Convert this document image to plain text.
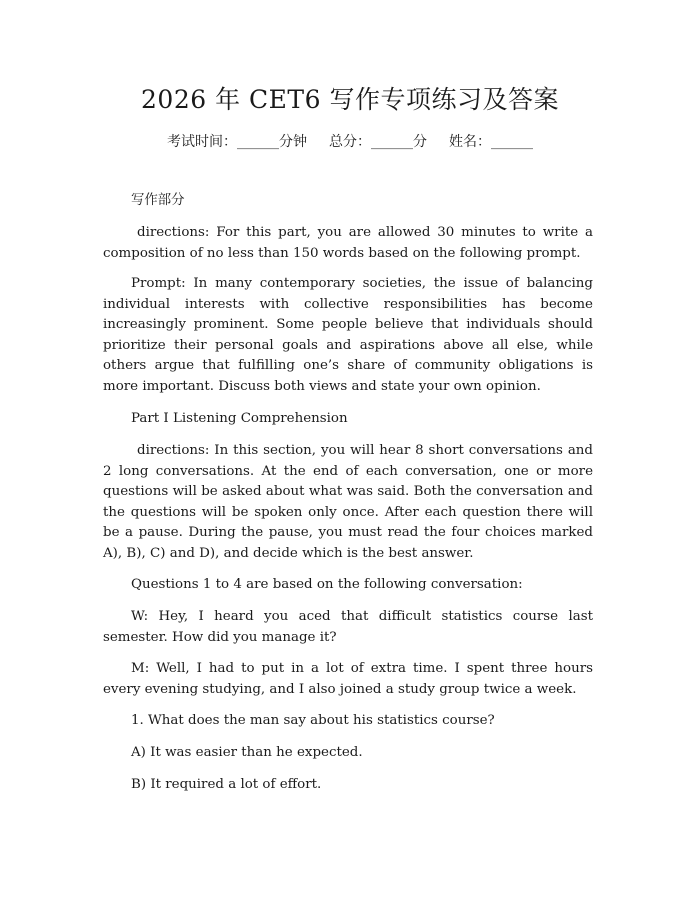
2026 年 CET6 写作专项练习及答案
考试时间：______分钟 总分：______分 姓名：______

写作部分

directions: For this part, you are allowed 30 minutes to write a composition of no less than 150 words based on the following prompt.

Prompt: In many contemporary societies, the issue of balancing individual interests with collective responsibilities has become increasingly prominent. Some people believe that individuals should prioritize their personal goals and aspirations above all else, while others argue that fulfilling one’s share of community obligations is more important. Discuss both views and state your own opinion.

Part I Listening Comprehension

directions: In this section, you will hear 8 short conversations and 2 long conversations. At the end of each conversation, one or more questions will be asked about what was said. Both the conversation and the questions will be spoken only once. After each question there will be a pause. During the pause, you must read the four choices marked A), B), C) and D), and decide which is the best answer.

Questions 1 to 4 are based on the following conversation:

W: Hey, I heard you aced that difficult statistics course last semester. How did you manage it?

M: Well, I had to put in a lot of extra time. I spent three hours every evening studying, and I also joined a study group twice a week.

1. What does the man say about his statistics course?

A) It was easier than he expected.

B) It required a lot of effort.
